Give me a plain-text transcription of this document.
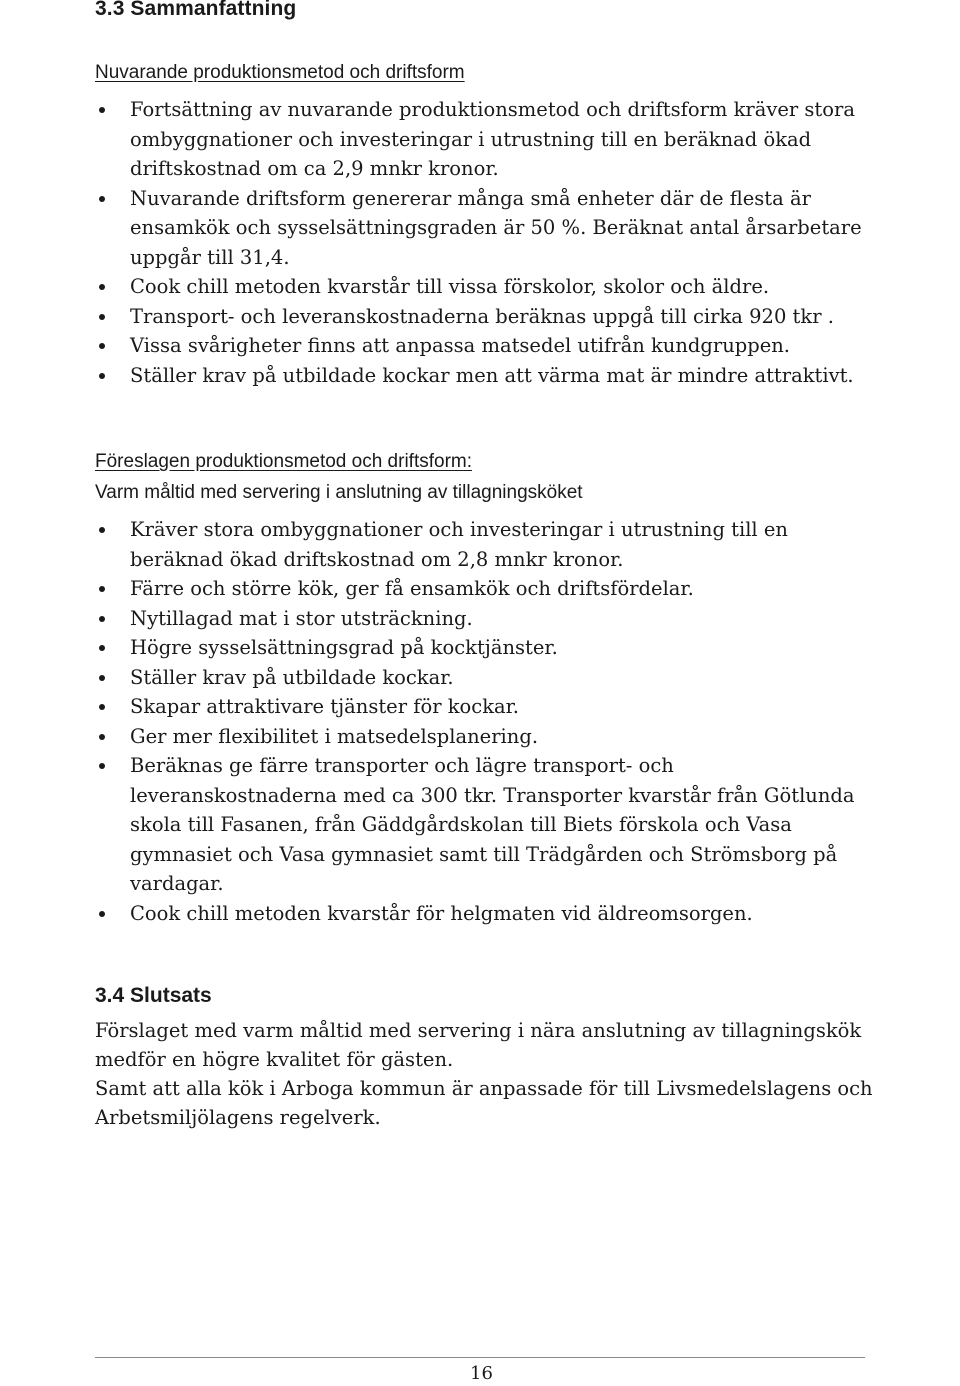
3.3 Sammanfattning
Nuvarande produktionsmetod och driftsform
Fortsättning av nuvarande produktionsmetod och driftsform kräver stora ombyggnationer och investeringar i utrustning till en beräknad ökad driftskostnad om ca 2,9 mnkr kronor.
Nuvarande driftsform genererar många små enheter där de flesta är ensamkök och sysselsättningsgraden är 50 %. Beräknat antal årsarbetare uppgår till 31,4.
Cook chill metoden kvarstår till vissa förskolor, skolor och äldre.
Transport- och leveranskostnaderna beräknas uppgå till cirka 920 tkr .
Vissa svårigheter finns att anpassa matsedel utifrån kundgruppen.
Ställer krav på utbildade kockar men att värma mat är mindre attraktivt.
Föreslagen produktionsmetod och driftsform:
Varm måltid med servering i anslutning av tillagningsköket
Kräver stora ombyggnationer och investeringar i utrustning till en beräknad ökad driftskostnad om 2,8 mnkr kronor.
Färre och större kök, ger få ensamkök och driftsfördelar.
Nytillagad mat i stor utsträckning.
Högre sysselsättningsgrad på kocktjänster.
Ställer krav på utbildade kockar.
Skapar attraktivare tjänster för kockar.
Ger mer flexibilitet i matsedelsplanering.
Beräknas ge färre transporter och lägre transport- och leveranskostnaderna med ca 300 tkr. Transporter kvarstår från Götlunda skola till Fasanen, från Gäddgårdskolan till Biets förskola och Vasa gymnasiet och Vasa gymnasiet samt till Trädgården och Strömsborg på vardagar.
Cook chill metoden kvarstår för helgmaten vid äldreomsorgen.
3.4 Slutsats

Förslaget med varm måltid med servering i nära anslutning av tillagningskök medför en högre kvalitet för gästen.

Samt att alla kök i Arboga kommun är anpassade för till Livsmedelslagens och Arbetsmiljölagens regelverk.

16
